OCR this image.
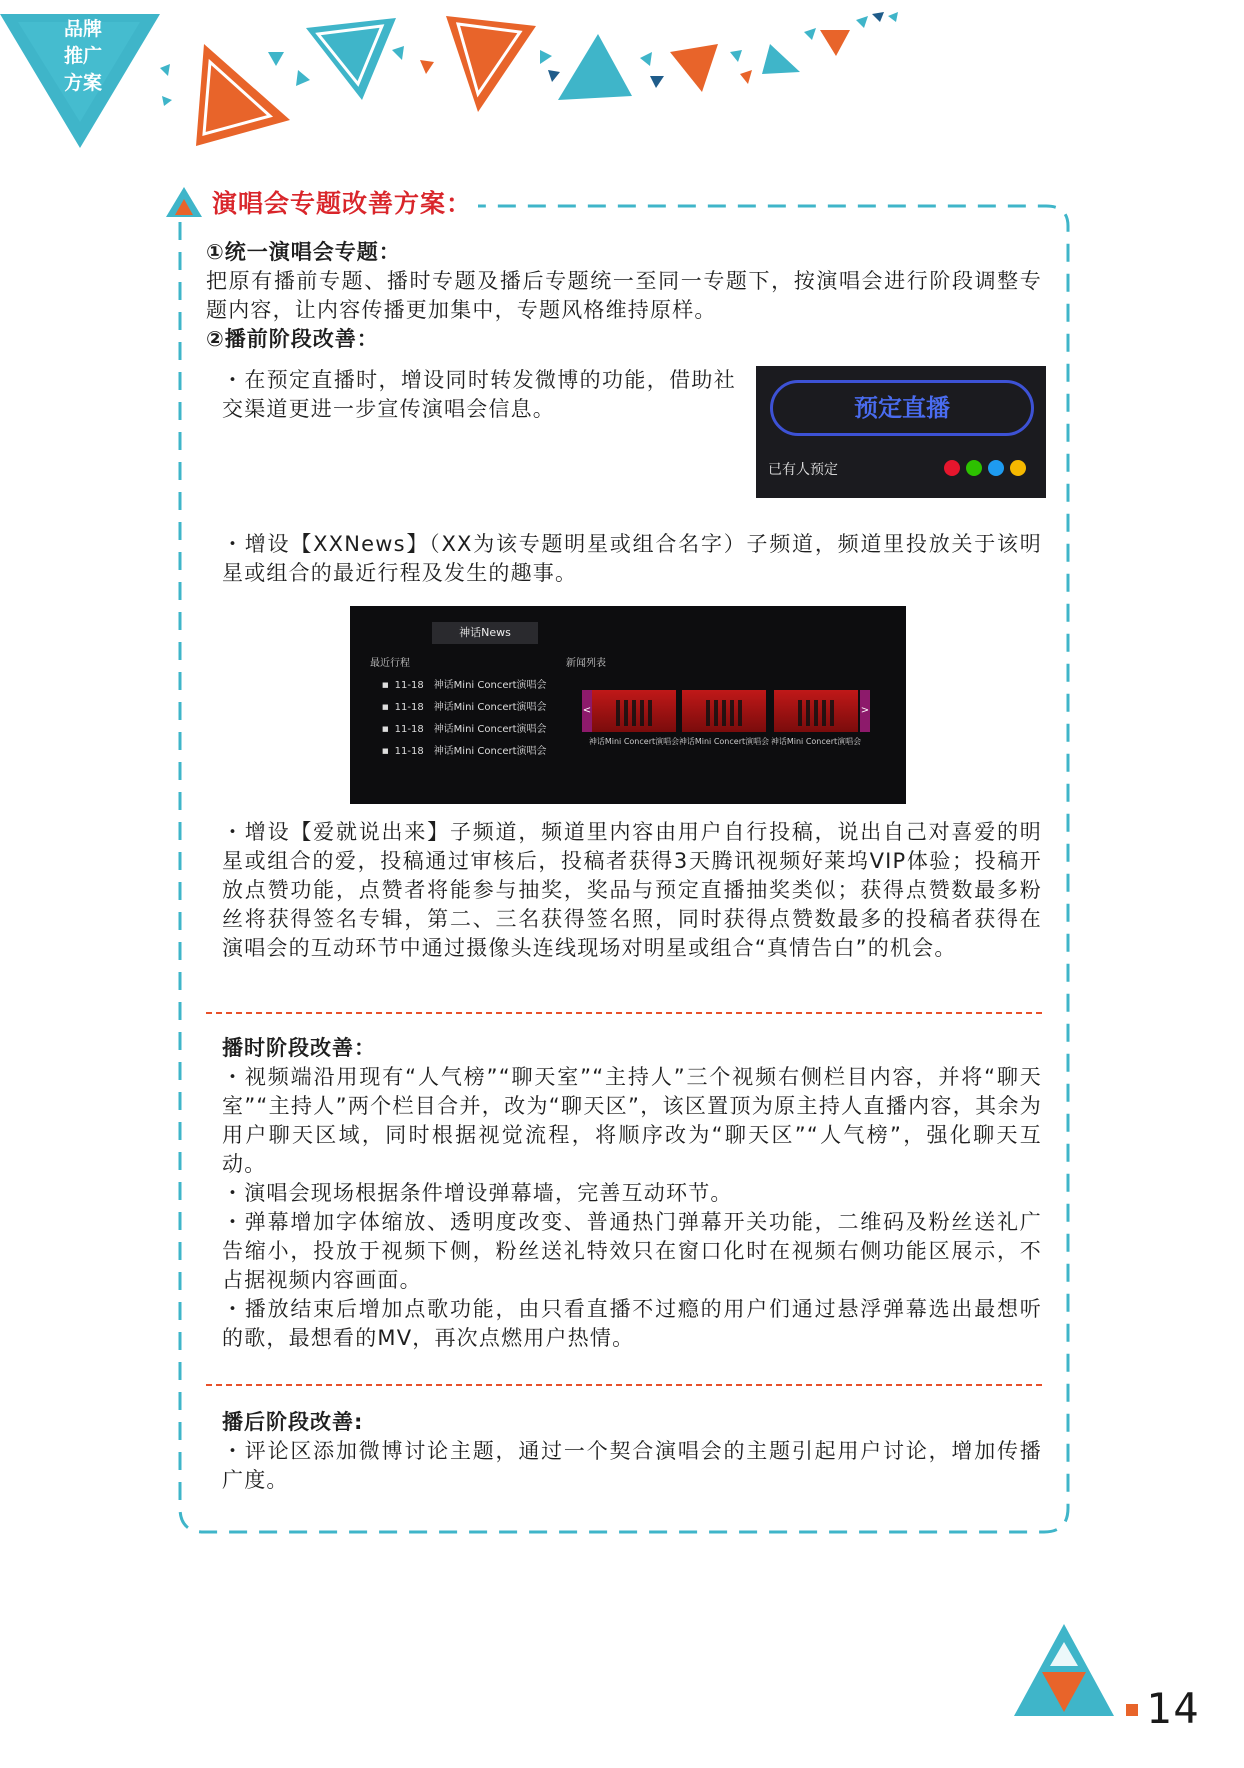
品牌
推广
方案
演唱会专题改善方案：

①统一演唱会专题：

把原有播前专题、播时专题及播后专题统一至同一专题下，按演唱会进行阶段调整专题内容，让内容传播更加集中，专题风格维持原样。

②播前阶段改善：

・在预定直播时，增设同时转发微博的功能，借助社交渠道更进一步宣传演唱会信息。	预定直播
已有人预定

・增设【XXNews】（XX为该专题明星或组合名字）子频道，频道里投放关于该明星或组合的最近行程及发生的趣事。

神话News
最近行程	新闻列表
■ 11-18　神话Mini Concert演唱会
■ 11-18　神话Mini Concert演唱会
■ 11-18　神话Mini Concert演唱会
■ 11-18　神话Mini Concert演唱会
<	>
神话Mini Concert演唱会 神话Mini Concert演唱会 神话Mini Concert演唱会

・增设【爱就说出来】子频道，频道里内容由用户自行投稿，说出自己对喜爱的明星或组合的爱，投稿通过审核后，投稿者获得3天腾讯视频好莱坞VIP体验；投稿开放点赞功能，点赞者将能参与抽奖，奖品与预定直播抽奖类似；获得点赞数最多粉丝将获得签名专辑，第二、三名获得签名照，同时获得点赞数最多的投稿者获得在演唱会的互动环节中通过摄像头连线现场对明星或组合“真情告白”的机会。

播时阶段改善：

・视频端沿用现有“人气榜”“聊天室”“主持人”三个视频右侧栏目内容，并将“聊天室”“主持人”两个栏目合并，改为“聊天区”，该区置顶为原主持人直播内容，其余为用户聊天区域，同时根据视觉流程，将顺序改为“聊天区”“人气榜”，强化聊天互动。

・演唱会现场根据条件增设弹幕墙，完善互动环节。

・弹幕增加字体缩放、透明度改变、普通热门弹幕开关功能，二维码及粉丝送礼广告缩小，投放于视频下侧，粉丝送礼特效只在窗口化时在视频右侧功能区展示，不占据视频内容画面。

・播放结束后增加点歌功能，由只看直播不过瘾的用户们通过悬浮弹幕选出最想听的歌，最想看的MV，再次点燃用户热情。

播后阶段改善:

・评论区添加微博讨论主题，通过一个契合演唱会的主题引起用户讨论，增加传播广度。

14
